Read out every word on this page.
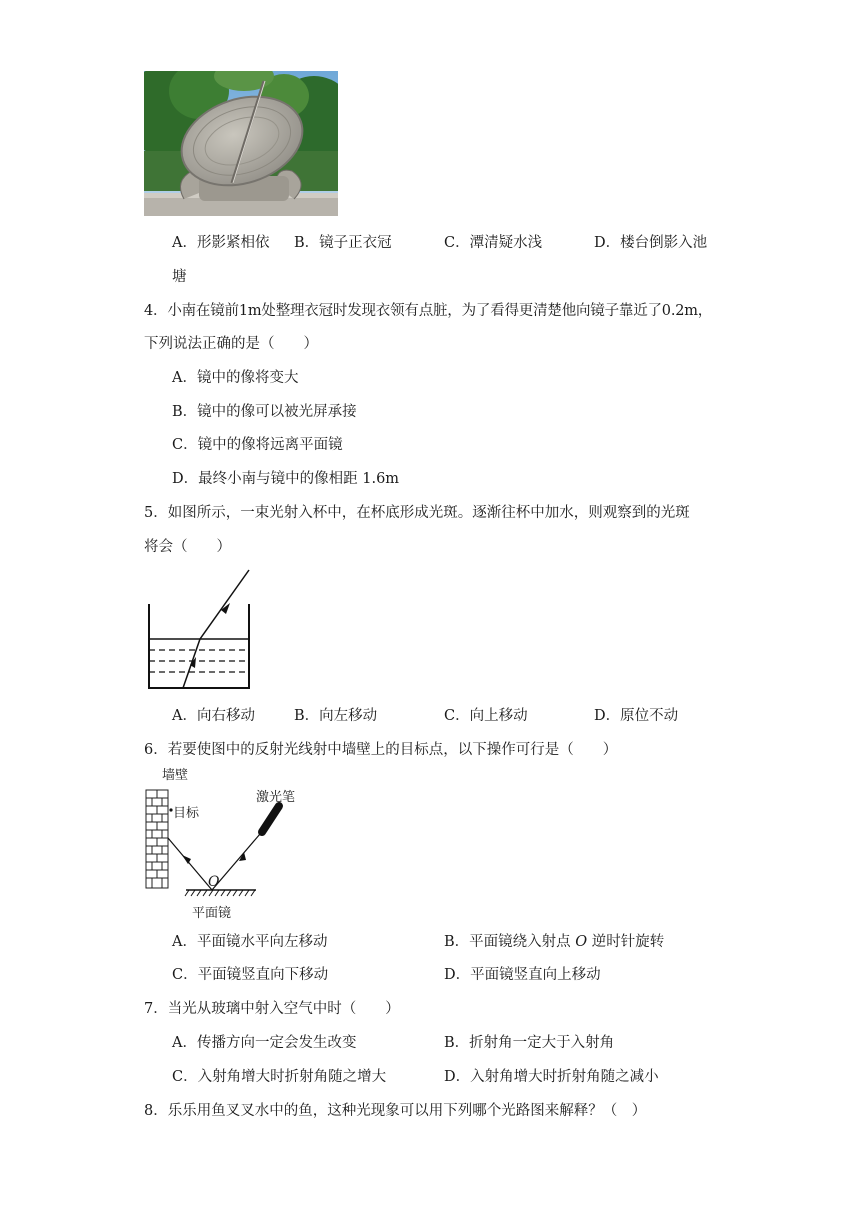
A．形影紧相依 B．镜子正衣冠	C．潭清疑水浅	D．楼台倒影入池
塘
4．小南在镜前1m处整理衣冠时发现衣领有点脏，为了看得更清楚他向镜子靠近了0.2m，
下列说法正确的是（　　）
A．镜中的像将变大
B．镜中的像可以被光屏承接
C．镜中的像将远离平面镜
D．最终小南与镜中的像相距 1.6m
5．如图所示，一束光射入杯中，在杯底形成光斑。逐渐往杯中加水，则观察到的光斑
将会（　　）
A．向右移动	B．向左移动	C．向上移动	D．原位不动
6．若要使图中的反射光线射中墙壁上的目标点，以下操作可行是（　　）
墙壁
目标
激光笔
O
平面镜
A．平面镜水平向左移动	B．平面镜绕入射点 O 逆时针旋转
C．平面镜竖直向下移动	D．平面镜竖直向上移动
7．当光从玻璃中射入空气中时（　　）
A．传播方向一定会发生改变	B．折射角一定大于入射角
C．入射角增大时折射角随之增大	D．入射角增大时折射角随之减小
8．乐乐用鱼叉叉水中的鱼，这种光现象可以用下列哪个光路图来解释？（　）
